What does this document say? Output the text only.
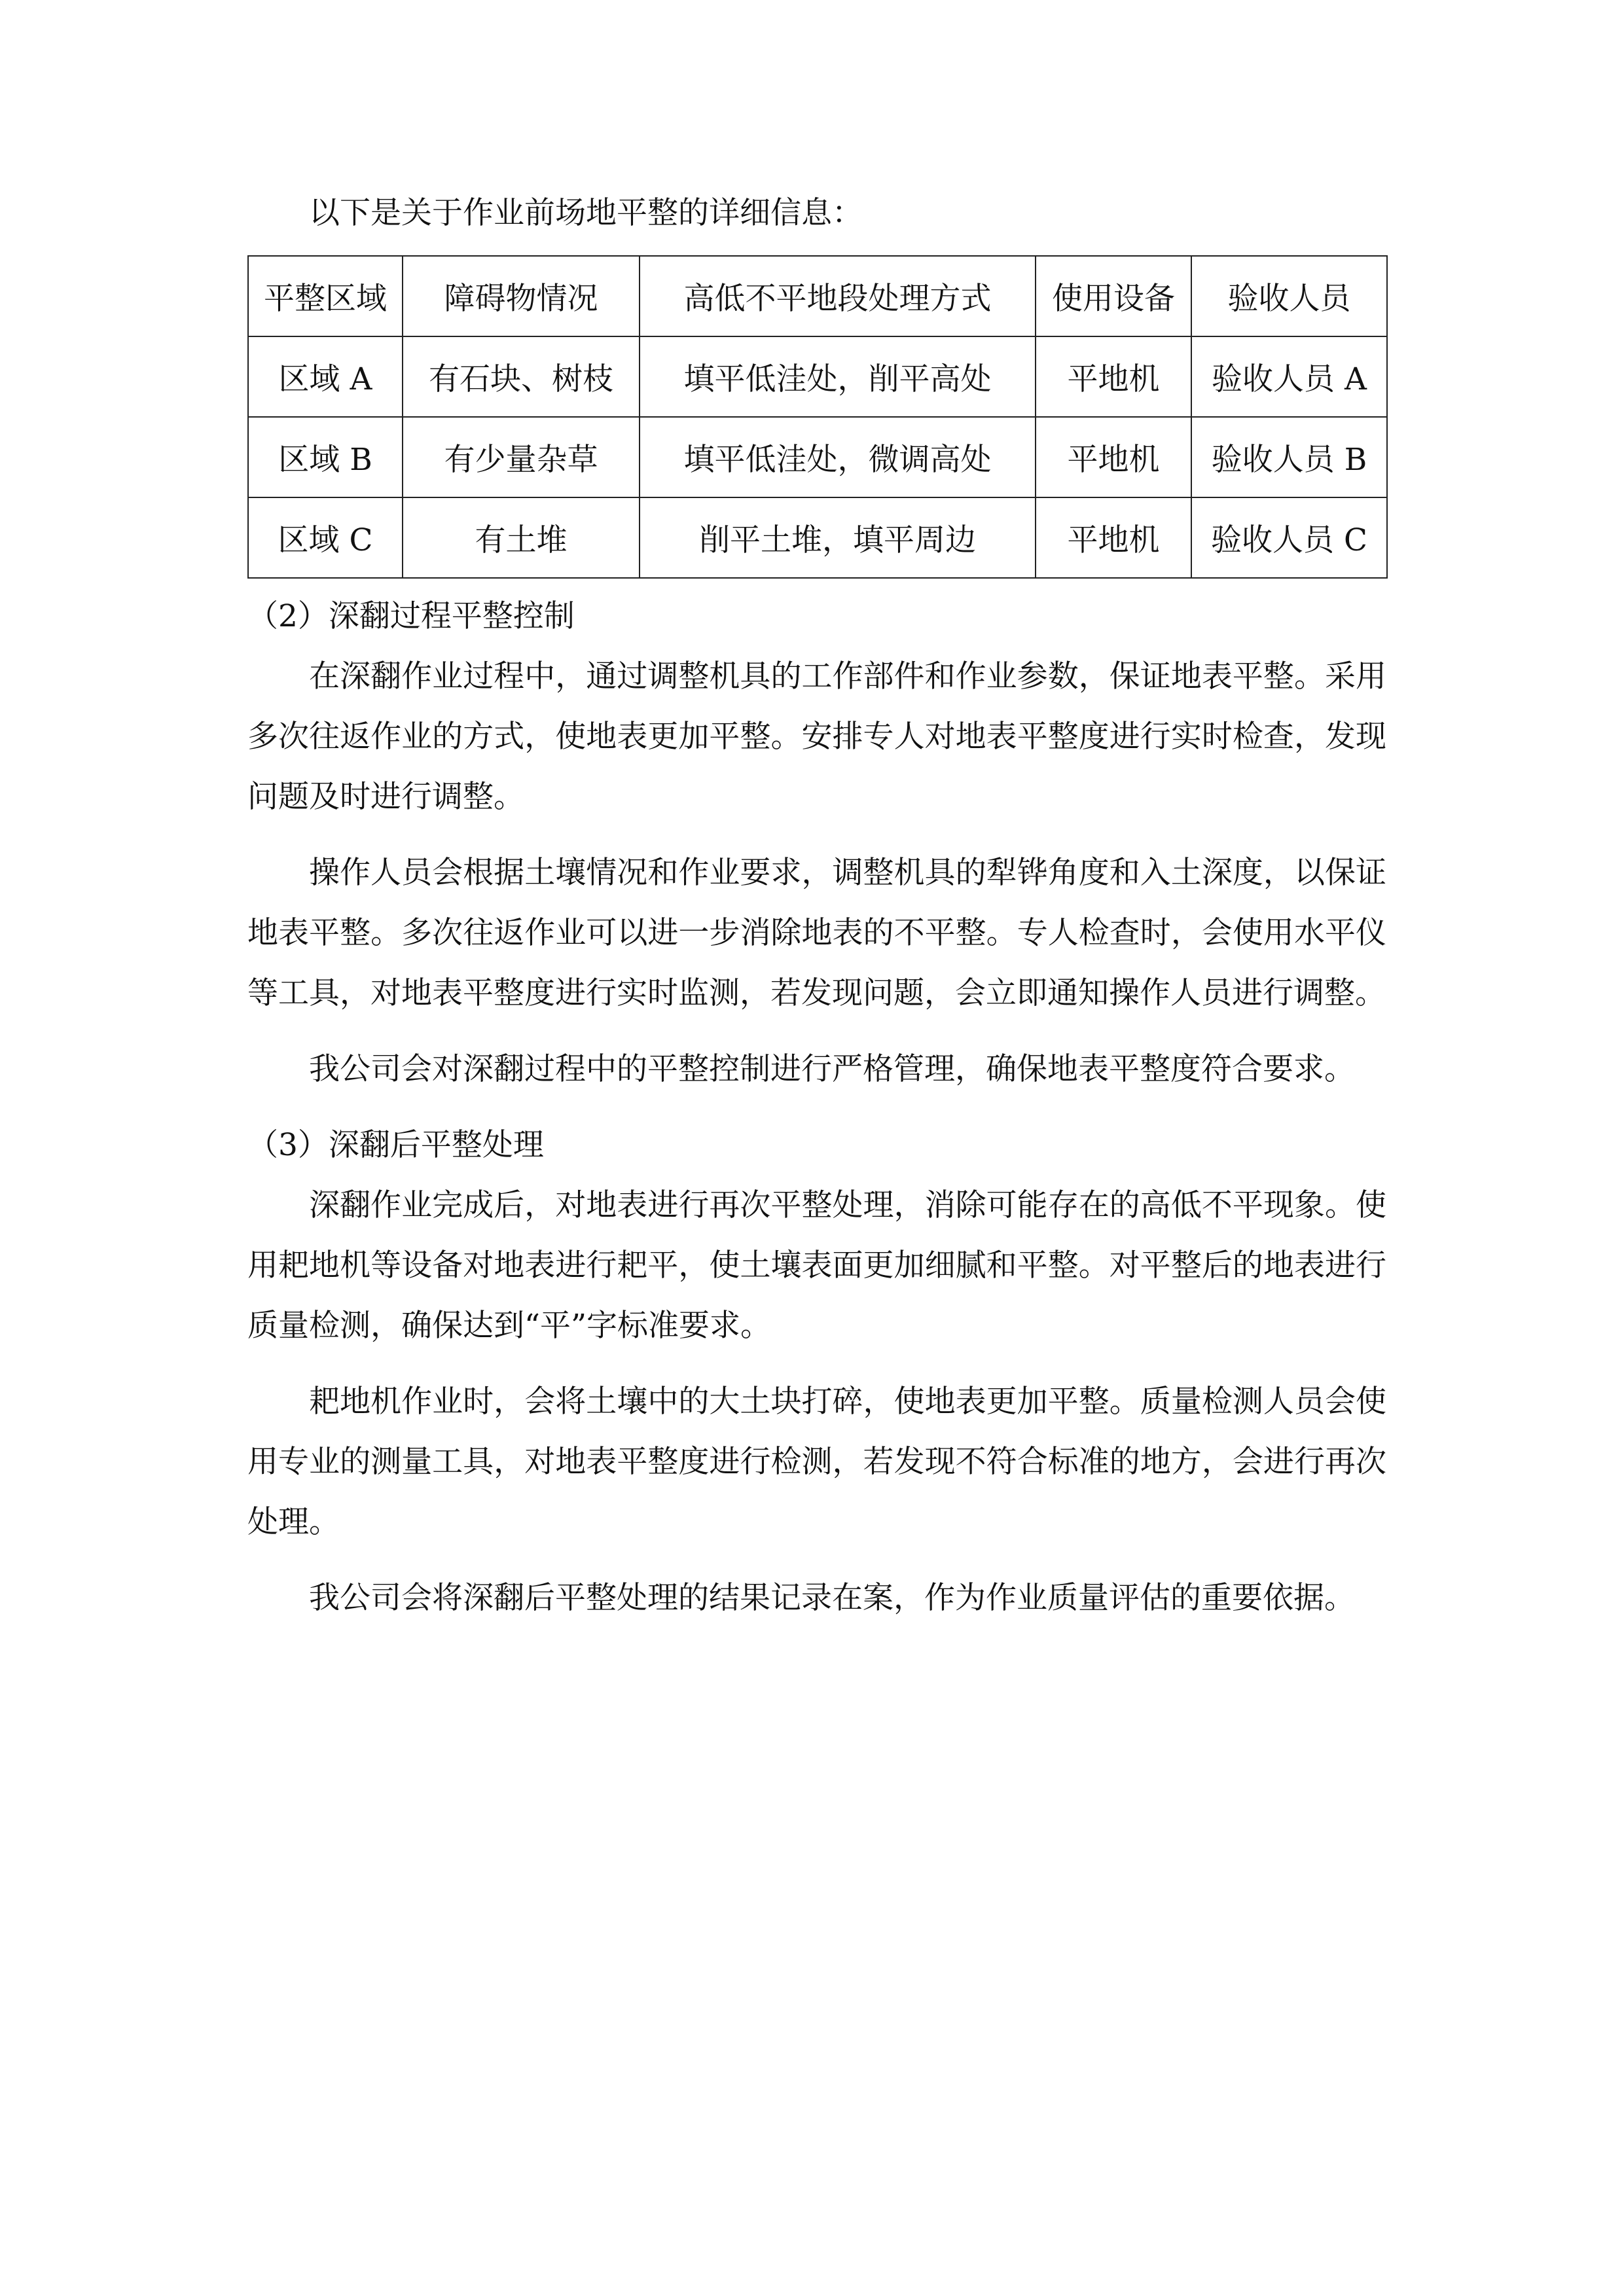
以下是关于作业前场地平整的详细信息：

平整区域	障碍物情况	高低不平地段处理方式	使用设备	验收人员
区域 A	有石块、树枝	填平低洼处，削平高处	平地机	验收人员 A
区域 B	有少量杂草	填平低洼处，微调高处	平地机	验收人员 B
区域 C	有土堆	削平土堆，填平周边	平地机	验收人员 C

（2）深翻过程平整控制

在深翻作业过程中，通过调整机具的工作部件和作业参数，保证地表平整。采用多次往返作业的方式，使地表更加平整。安排专人对地表平整度进行实时检查，发现问题及时进行调整。

操作人员会根据土壤情况和作业要求，调整机具的犁铧角度和入土深度，以保证地表平整。多次往返作业可以进一步消除地表的不平整。专人检查时，会使用水平仪等工具，对地表平整度进行实时监测，若发现问题，会立即通知操作人员进行调整。

我公司会对深翻过程中的平整控制进行严格管理，确保地表平整度符合要求。

（3）深翻后平整处理

深翻作业完成后，对地表进行再次平整处理，消除可能存在的高低不平现象。使用耙地机等设备对地表进行耙平，使土壤表面更加细腻和平整。对平整后的地表进行质量检测，确保达到“平”字标准要求。

耙地机作业时，会将土壤中的大土块打碎，使地表更加平整。质量检测人员会使用专业的测量工具，对地表平整度进行检测，若发现不符合标准的地方，会进行再次处理。

我公司会将深翻后平整处理的结果记录在案，作为作业质量评估的重要依据。
